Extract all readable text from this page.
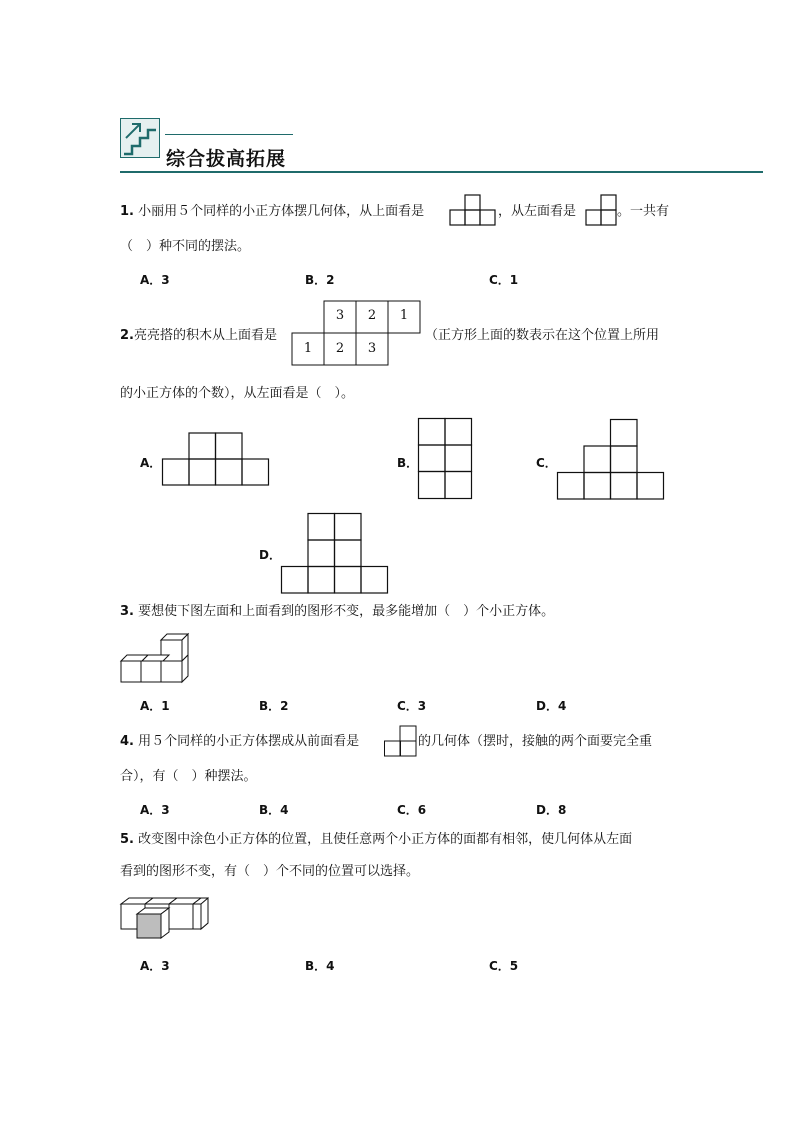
综合拔高拓展
1. 小丽用５个同样的小正方体摆几何体，从上面看是	，从左面看是	。一共有
（　）种不同的摆法。
A．3	B．2	C．1
2.亮亮搭的积木从上面看是
3	2	1
1	2	3
（正方形上面的数表示在这个位置上所用
的小正方体的个数），从左面看是（　）。
A．	B．	C．
D．
3. 要想使下图左面和上面看到的图形不变，最多能增加（　）个小正方体。
A．1	B．2	C．3	D．4
4. 用５个同样的小正方体摆成从前面看是	的几何体（摆时，接触的两个面要完全重
合），有（　）种摆法。
A．3	B．4	C．6	D．8
5. 改变图中涂色小正方体的位置，且使任意两个小正方体的面都有相邻，使几何体从左面
看到的图形不变，有（　）个不同的位置可以选择。
A．3	B．4	C．5
